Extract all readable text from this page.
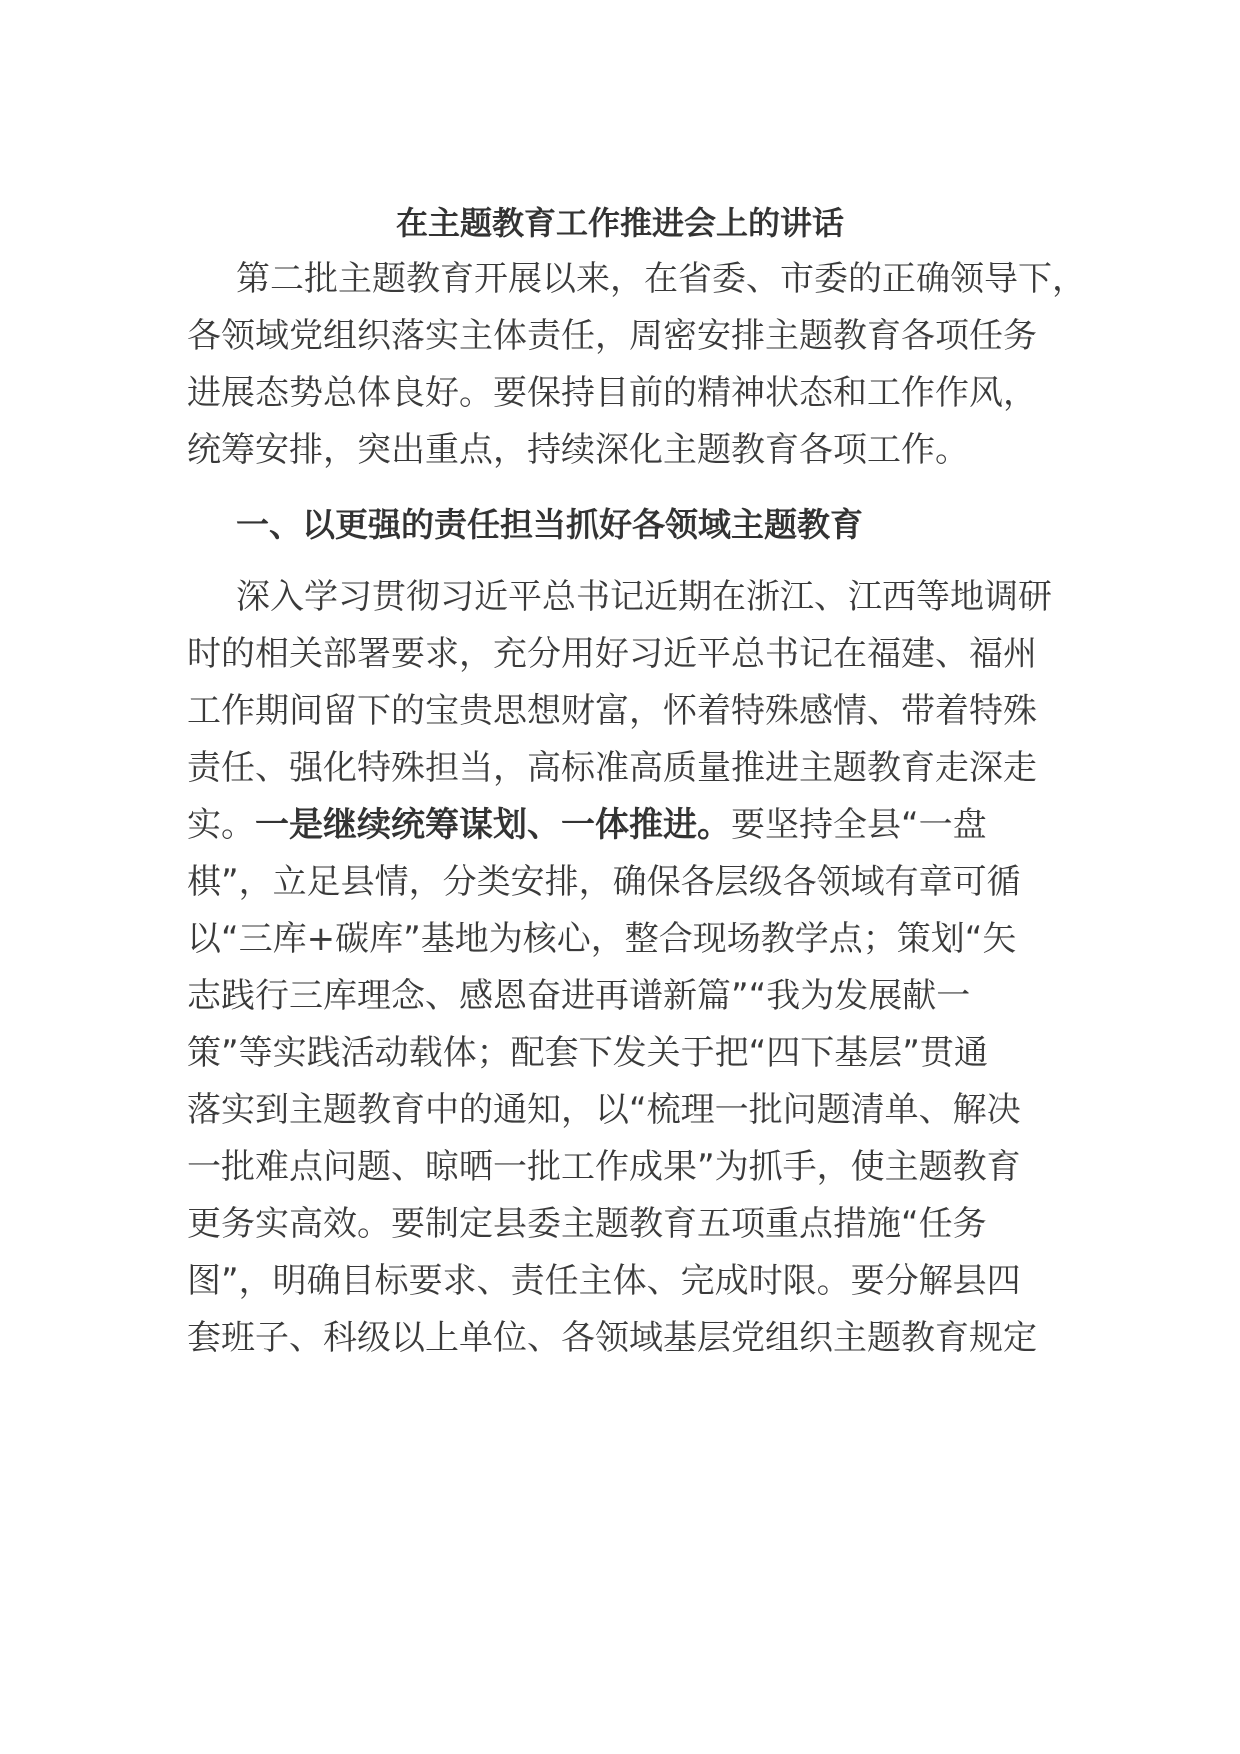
在主题教育工作推进会上的讲话

第二批主题教育开展以来，在省委、市委的正确领导下，

各领域党组织落实主体责任，周密安排主题教育各项任务

进展态势总体良好。要保持目前的精神状态和工作作风，

统筹安排，突出重点，持续深化主题教育各项工作。

一、以更强的责任担当抓好各领域主题教育

深入学习贯彻习近平总书记近期在浙江、江西等地调研

时的相关部署要求，充分用好习近平总书记在福建、福州

工作期间留下的宝贵思想财富，怀着特殊感情、带着特殊

责任、强化特殊担当，高标准高质量推进主题教育走深走

实。一是继续统筹谋划、一体推进。要坚持全县“一盘

棋”，立足县情，分类安排，确保各层级各领域有章可循

以“三库+碳库”基地为核心，整合现场教学点；策划“矢

志践行三库理念、感恩奋进再谱新篇”“我为发展献一

策”等实践活动载体；配套下发关于把“四下基层”贯通

落实到主题教育中的通知，以“梳理一批问题清单、解决

一批难点问题、晾晒一批工作成果”为抓手，使主题教育

更务实高效。要制定县委主题教育五项重点措施“任务

图”，明确目标要求、责任主体、完成时限。要分解县四

套班子、科级以上单位、各领域基层党组织主题教育规定
